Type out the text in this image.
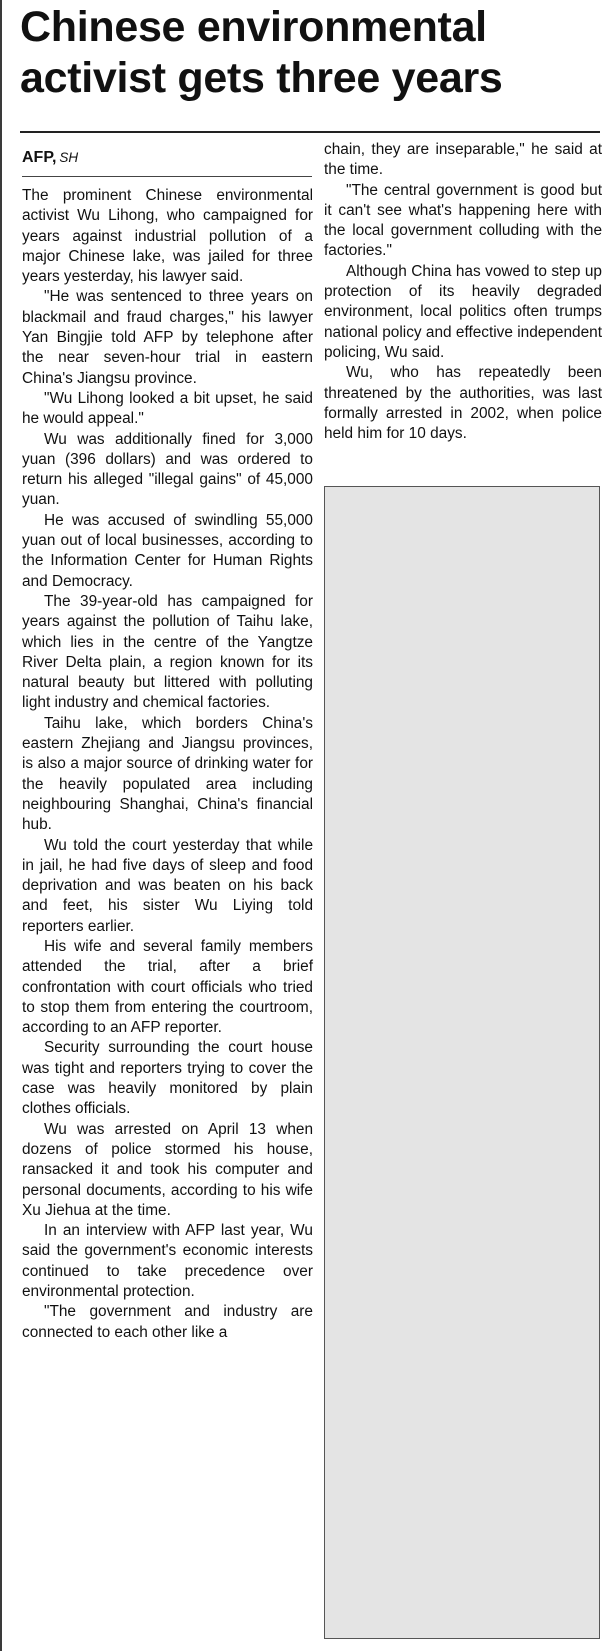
Chinese environmental activist gets three years
AFP, SH

The prominent Chinese environmental activist Wu Lihong, who campaigned for years against industrial pollution of a major Chinese lake, was jailed for three years yesterday, his lawyer said.

"He was sentenced to three years on blackmail and fraud charges," his lawyer Yan Bingjie told AFP by telephone after the near seven-hour trial in eastern China's Jiangsu province.

"Wu Lihong looked a bit upset, he said he would appeal."

Wu was additionally fined for 3,000 yuan (396 dollars) and was ordered to return his alleged "illegal gains" of 45,000 yuan.

He was accused of swindling 55,000 yuan out of local businesses, according to the Information Center for Human Rights and Democracy.

The 39-year-old has campaigned for years against the pollution of Taihu lake, which lies in the centre of the Yangtze River Delta plain, a region known for its natural beauty but littered with polluting light industry and chemical factories.

Taihu lake, which borders China's eastern Zhejiang and Jiangsu provinces, is also a major source of drinking water for the heavily populated area including neighbouring Shanghai, China's financial hub.

Wu told the court yesterday that while in jail, he had five days of sleep and food deprivation and was beaten on his back and feet, his sister Wu Liying told reporters earlier.

His wife and several family members attended the trial, after a brief confrontation with court officials who tried to stop them from entering the courtroom, according to an AFP reporter.

Security surrounding the court house was tight and reporters trying to cover the case was heavily monitored by plain clothes officials.

Wu was arrested on April 13 when dozens of police stormed his house, ransacked it and took his computer and personal documents, according to his wife Xu Jiehua at the time.

In an interview with AFP last year, Wu said the government's economic interests continued to take precedence over environmental protection.

"The government and industry are connected to each other like a

chain, they are inseparable," he said at the time.

"The central government is good but it can't see what's happening here with the local government colluding with the factories."

Although China has vowed to step up protection of its heavily degraded environment, local politics often trumps national policy and effective independent policing, Wu said.

Wu, who has repeatedly been threatened by the authorities, was last formally arrested in 2002, when police held him for 10 days.
